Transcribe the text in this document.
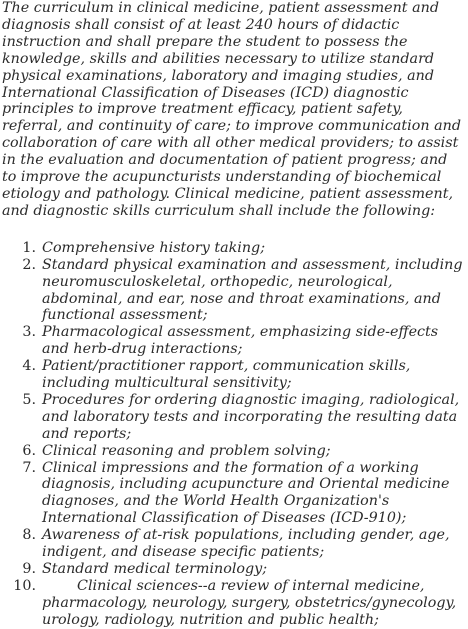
The curriculum in clinical medicine, patient assessment and diagnosis shall consist of at least 240 hours of didactic instruction and shall prepare the student to possess the knowledge, skills and abilities necessary to utilize standard physical examinations, laboratory and imaging studies, and International Classification of Diseases (ICD) diagnostic principles to improve treatment efficacy, patient safety, referral, and continuity of care; to improve communication and collaboration of care with all other medical providers; to assist in the evaluation and documentation of patient progress; and to improve the acupuncturists understanding of biochemical etiology and pathology. Clinical medicine, patient assessment, and diagnostic skills curriculum shall include the following:

1. Comprehensive history taking;
2. Standard physical examination and assessment, including neuromusculoskeletal, orthopedic, neurological, abdominal, and ear, nose and throat examinations, and functional assessment;
3. Pharmacological assessment, emphasizing side-effects and herb-drug interactions;
4. Patient/practitioner rapport, communication skills, including multicultural sensitivity;
5. Procedures for ordering diagnostic imaging, radiological, and laboratory tests and incorporating the resulting data and reports;
6. Clinical reasoning and problem solving;
7. Clinical impressions and the formation of a working diagnosis, including acupuncture and Oriental medicine diagnoses, and the World Health Organization's International Classification of Diseases (ICD-910);
8. Awareness of at-risk populations, including gender, age, indigent, and disease specific patients;
9. Standard medical terminology;
10.	Clinical sciences--a review of internal medicine, pharmacology, neurology, surgery, obstetrics/gynecology, urology, radiology, nutrition and public health;
